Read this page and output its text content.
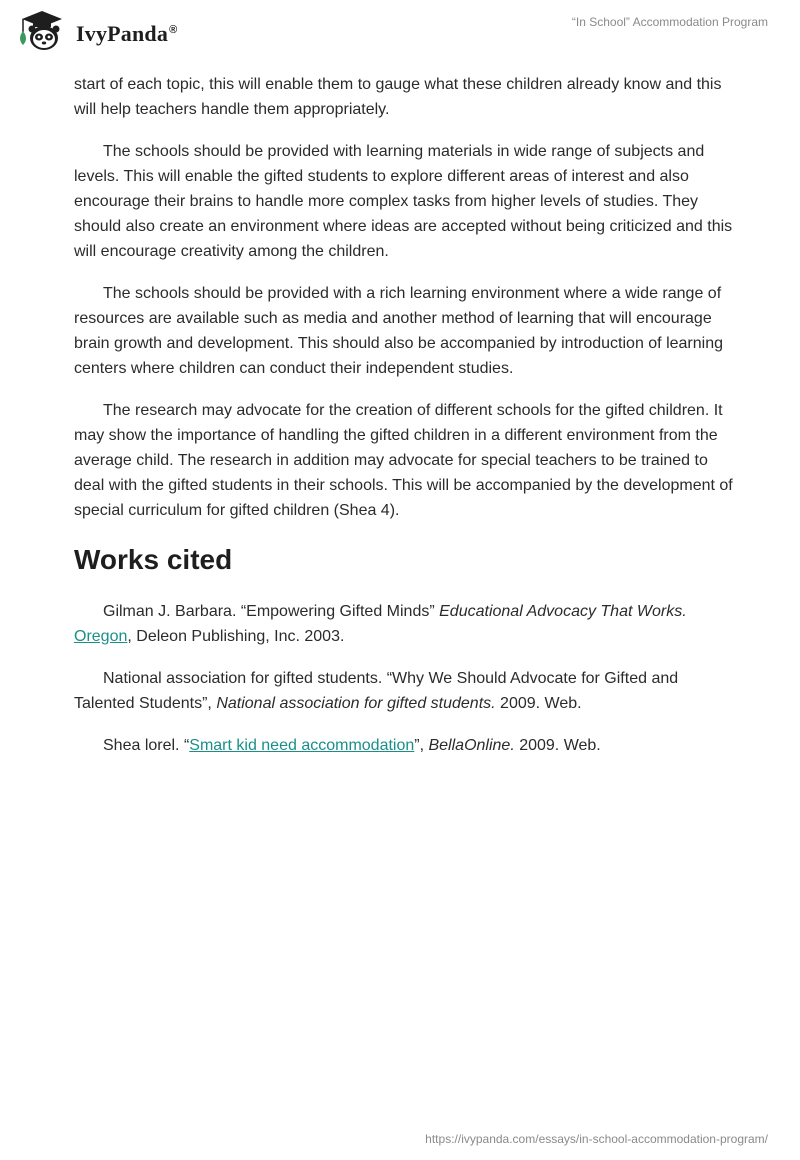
IvyPanda®
“In School” Accommodation Program

start of each topic, this will enable them to gauge what these children already know and this will help teachers handle them appropriately.

The schools should be provided with learning materials in wide range of subjects and levels. This will enable the gifted students to explore different areas of interest and also encourage their brains to handle more complex tasks from higher levels of studies. They should also create an environment where ideas are accepted without being criticized and this will encourage creativity among the children.

The schools should be provided with a rich learning environment where a wide range of resources are available such as media and another method of learning that will encourage brain growth and development. This should also be accompanied by introduction of learning centers where children can conduct their independent studies.

The research may advocate for the creation of different schools for the gifted children. It may show the importance of handling the gifted children in a different environment from the average child. The research in addition may advocate for special teachers to be trained to deal with the gifted students in their schools. This will be accompanied by the development of special curriculum for gifted children (Shea 4).

Works cited

Gilman J. Barbara. “Empowering Gifted Minds” Educational Advocacy That Works. Oregon, Deleon Publishing, Inc. 2003.

National association for gifted students. “Why We Should Advocate for Gifted and Talented Students”, National association for gifted students. 2009. Web.

Shea lorel. “Smart kid need accommodation”, BellaOnline. 2009. Web.

https://ivypanda.com/essays/in-school-accommodation-program/
